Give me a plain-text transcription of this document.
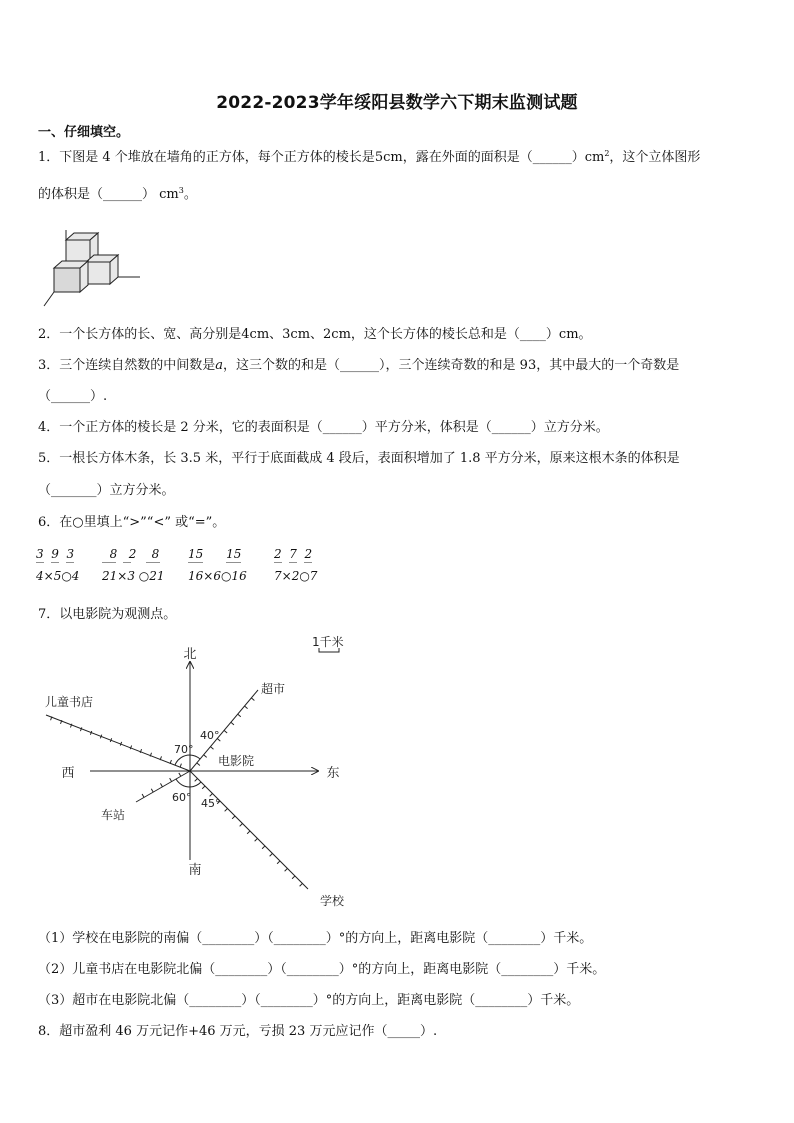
2022-2023学年绥阳县数学六下期末监测试题
一、仔细填空。
1．下图是 4 个堆放在墙角的正方体，每个正方体的棱长是5cm，露在外面的面积是$(\_\_\_\_\_\_)cm^2$，这个立体图形
的体积是（______） $cm^3$。
2．一个长方体的长、宽、高分别是4cm、3cm、2cm，这个长方体的棱长总和是（____）cm。
3．三个连续自然数的中间数是a，这三个数的和是（______），三个连续奇数的和是 93，其中最大的一个奇数是
（______）.
4．一个正方体的棱长是 2 分米，它的表面积是（______）平方分米，体积是（______）立方分米。
5．一根长方体木条，长 3.5 米，平行于底面截成 4 段后，表面积增加了 1.8 平方分米，原来这根木条的体积是
（_______）立方分米。
6．在○里填上“>”“<” 或“=”。
3  9  3
4×5○4
8   2    8
21×3 ○21
15      15
16×6○16
2  7  2
7×2○7
7．以电影院为观测点。
1千米
北
南
西	东
电影院
儿童书店
超市
车站
学校
70°
40°
60° 45°
（1）学校在电影院的南偏（________）（________）°的方向上，距离电影院（________）千米。
（2）儿童书店在电影院北偏（________）（________）°的方向上，距离电影院（________）千米。
（3）超市在电影院北偏（________）（________）°的方向上，距离电影院（________）千米。
8．超市盈利 46 万元记作+46 万元，亏损 23 万元应记作（_____）.
